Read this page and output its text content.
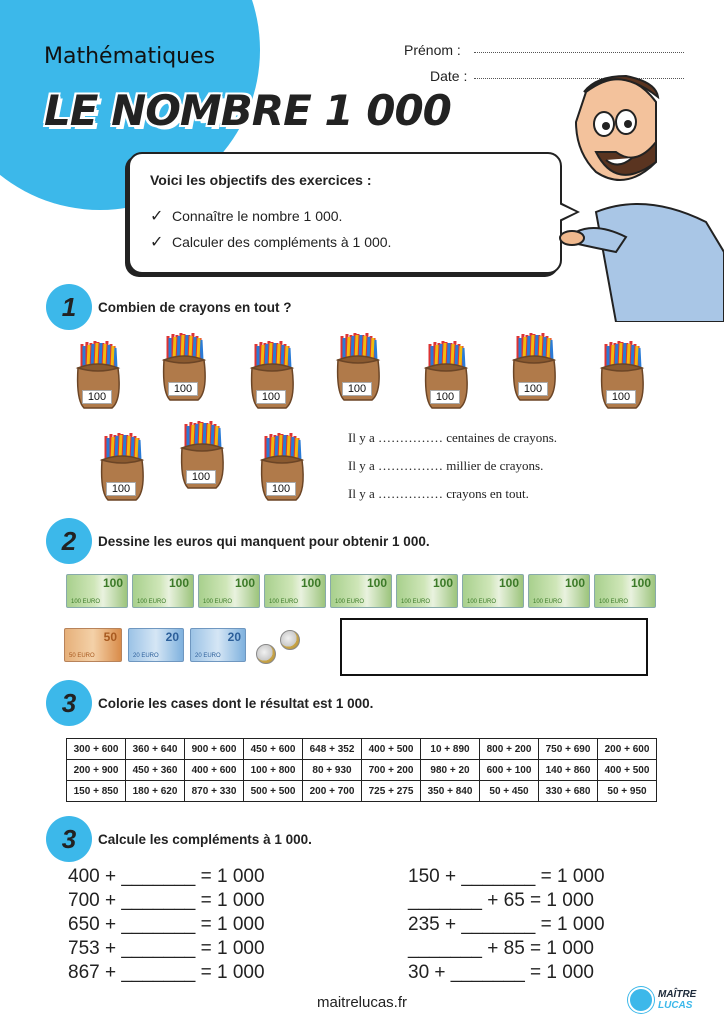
Mathématiques
LE NOMBRE 1 000
Prénom :
Date :
Voici les objectifs des exercices :
✓ Connaître le nombre 1 000.
✓ Calculer des compléments à 1 000.
1 Combien de crayons en tout ?
100
100
100
100
100
100
100
100
100
100
Il y a …………… centaines de crayons.
Il y a …………… millier de crayons.
Il y a …………… crayons en tout.
2 Dessine les euros qui manquent pour obtenir 1 000.
100
100 EURO
100
100 EURO
100
100 EURO
100
100 EURO
100
100 EURO
100
100 EURO
100
100 EURO
100
100 EURO
100
100 EURO
50
50 EURO
20
20 EURO
20
20 EURO
3 Colorie les cases dont le résultat est 1 000.
300 + 600	360 + 640	900 + 600	450 + 600	648 + 352	400 + 500	10 + 890	800 + 200	750 + 690	200 + 600
200 + 900	450 + 360	400 + 600	100 + 800	80 + 930	700 + 200	980 + 20	600 + 100	140 + 860	400 + 500
150 + 850	180 + 620	870 + 330	500 + 500	200 + 700	725 + 275	350 + 840	50 + 450	330 + 680	50 + 950
3 Calcule les compléments à 1 000.
400 + _______ = 1 000
700 + _______ = 1 000
650 + _______ = 1 000
753 + _______ = 1 000
867 + _______ = 1 000
150 + _______ = 1 000
_______ + 65 = 1 000
235 + _______ = 1 000
_______ + 85 = 1 000
30 + _______ = 1 000
maitrelucas.fr	MAÎTRE
LUCAS
